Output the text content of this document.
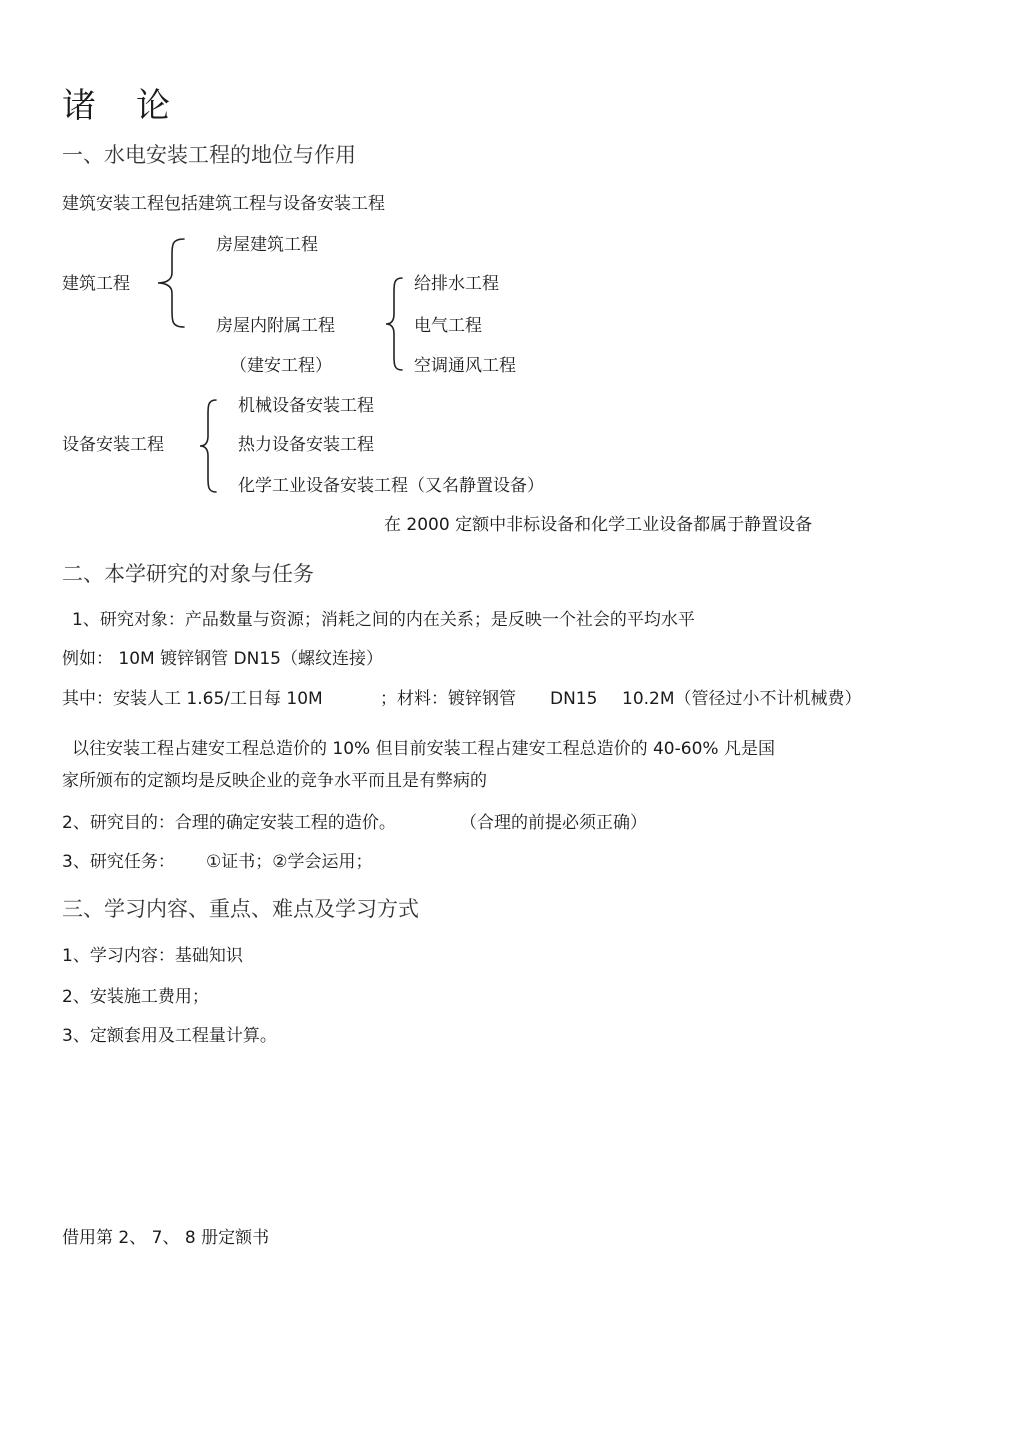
诸 论
一、水电安装工程的地位与作用
建筑安装工程包括建筑工程与设备安装工程
建筑工程
房屋建筑工程
房屋内附属工程
（建安工程）
给排水工程
电气工程
空调通风工程
设备安装工程
机械设备安装工程
热力设备安装工程
化学工业设备安装工程（又名静置设备）
在 2000 定额中非标设备和化学工业设备都属于静置设备
二、本学研究的对象与任务
1、研究对象：产品数量与资源；消耗之间的内在关系；是反映一个社会的平均水平
例如： 10M 镀锌钢管 DN15（螺纹连接）
其中：安装人工 1.65/工日每 10M	；材料：镀锌钢管 DN15 10.2M（管径过小不计机械费）
以往安装工程占建安工程总造价的 10% 但目前安装工程占建安工程总造价的 40-60% 凡是国
家所颁布的定额均是反映企业的竞争水平而且是有弊病的
2、研究目的：合理的确定安装工程的造价。	（合理的前提必须正确）
3、研究任务： ①证书；②学会运用；
三、学习内容、重点、难点及学习方式
1、学习内容：基础知识
2、安装施工费用；
3、定额套用及工程量计算。
借用第 2、 7、 8 册定额书
